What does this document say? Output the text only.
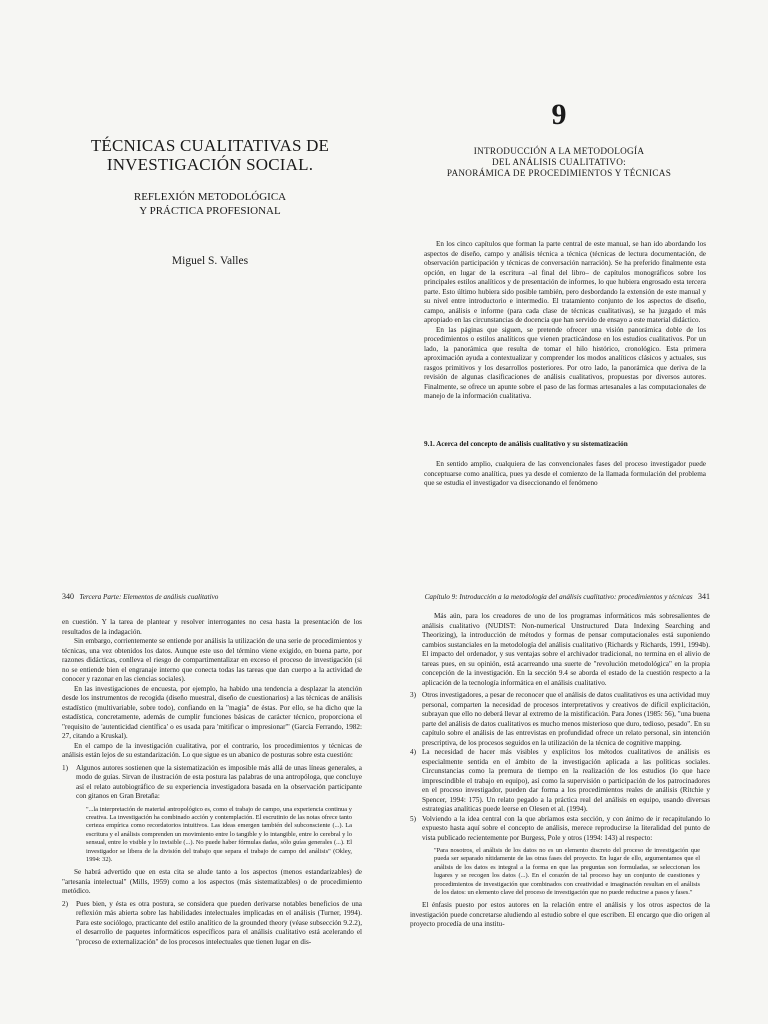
TÉCNICAS CUALITATIVAS DE INVESTIGACIÓN SOCIAL.
REFLEXIÓN METODOLÓGICA
Y PRÁCTICA PROFESIONAL
Miguel S. Valles
9
INTRODUCCIÓN A LA METODOLOGÍA
DEL ANÁLISIS CUALITATIVO:
PANORÁMICA DE PROCEDIMIENTOS Y TÉCNICAS

En los cinco capítulos que forman la parte central de este manual, se han ido abordando los aspectos de diseño, campo y análisis técnica a técnica (técnicas de lectura documentación, de observación participación y técnicas de conversación narración). Se ha preferido finalmente esta opción, en lugar de la escritura –al final del libro– de capítulos monográficos sobre los principales estilos analíticos y de presentación de informes, lo que hubiera engrosado esta tercera parte. Esto último hubiera sido posible también, pero desbordando la extensión de este manual y su nivel entre introductorio e intermedio. El tratamiento conjunto de los aspectos de diseño, campo, análisis e informe (para cada clase de técnicas cualitativas), se ha juzgado el más apropiado en las circunstancias de docencia que han servido de ensayo a este material didáctico.

En las páginas que siguen, se pretende ofrecer una visión panorámica doble de los procedimientos o estilos analíticos que vienen practicándose en los estudios cualitativos. Por un lado, la panorámica que resulta de tomar el hilo histórico, cronológico. Esta primera aproximación ayuda a contextualizar y comprender los modos analíticos clásicos y actuales, sus rasgos primitivos y los desarrollos posteriores. Por otro lado, la panorámica que deriva de la revisión de algunas clasificaciones de análisis cualitativos, propuestas por diversos autores. Finalmente, se ofrece un apunte sobre el paso de las formas artesanales a las computacionales de manejo de la información cualitativa.

9.1. Acerca del concepto de análisis cualitativo y su sistematización

En sentido amplio, cualquiera de las convencionales fases del proceso investigador puede conceptuarse como analítica, pues ya desde el comienzo de la llamada formulación del problema que se estudia el investigador va diseccionando el fenómeno

340 Tercera Parte: Elementos de análisis cualitativo

en cuestión. Y la tarea de plantear y resolver interrogantes no cesa hasta la presentación de los resultados de la indagación.

Sin embargo, corrientemente se entiende por análisis la utilización de una serie de procedimientos y técnicas, una vez obtenidos los datos. Aunque este uso del término viene exigido, en buena parte, por razones didácticas, conlleva el riesgo de compartimentalizar en exceso el proceso de investigación (si no se entiende bien el engranaje interno que conecta todas las tareas que dan cuerpo a la actividad de conocer y razonar en las ciencias sociales).

En las investigaciones de encuesta, por ejemplo, ha habido una tendencia a desplazar la atención desde los instrumentos de recogida (diseño muestral, diseño de cuestionarios) a las técnicas de análisis estadístico (multivariable, sobre todo), confiando en la "magia" de éstas. Por ello, se ha dicho que la estadística, concretamente, además de cumplir funciones básicas de carácter técnico, proporciona el "requisito de 'autenticidad científica' o es usada para 'mitificar o impresionar'" (García Ferrando, 1982: 27, citando a Kruskal).

En el campo de la investigación cualitativa, por el contrario, los procedimientos y técnicas de análisis están lejos de su estandarización. Lo que sigue es un abanico de posturas sobre esta cuestión:

1) Algunos autores sostienen que la sistematización es imposible más allá de unas líneas generales, a modo de guías. Sirvan de ilustración de esta postura las palabras de una antropóloga, que concluye así el relato autobiográfico de su experiencia investigadora basada en la observación participante con gitanos en Gran Bretaña:
"...la interpretación de material antropológico es, como el trabajo de campo, una experiencia continua y creativa. La investigación ha combinado acción y contemplación. El escrutinio de las notas ofrece tanto certeza empírica como recordatorios intuitivos. Las ideas emergen también del subconsciente (...). La escritura y el análisis comprenden un movimiento entre lo tangible y lo intangible, entre lo cerebral y lo sensual, entre lo visible y lo invisible (...). No puede haber fórmulas dadas, sólo guías generales (...). El investigador se libera de la división del trabajo que separa el trabajo de campo del análisis" (Okley, 1994: 32).

Se habrá advertido que en esta cita se alude tanto a los aspectos (menos estandarizables) de "artesanía intelectual" (Mills, 1959) como a los aspectos (más sistematizables) o de procedimiento metódico.

2) Pues bien, y ésta es otra postura, se considera que pueden derivarse notables beneficios de una reflexión más abierta sobre las habilidades intelectuales implicadas en el análisis (Turner, 1994). Para este sociólogo, practicante del estilo analítico de la grounded theory (véase subsección 9.2.2), el desarrollo de paquetes informáticos específicos para el análisis cualitativo está acelerando el "proceso de externalización" de los procesos intelectuales que tienen lugar en dis-
Capítulo 9: Introducción a la metodología del análisis cualitativo: procedimientos y técnicas 341

Más aún, para los creadores de uno de los programas informáticos más sobresalientes de análisis cualitativo (NUDIST: Non-numerical Unstructured Data Indexing Searching and Theorizing), la introducción de métodos y formas de pensar computacionales está suponiendo cambios sustanciales en la metodología del análisis cualitativo (Richards y Richards, 1991, 1994b). El impacto del ordenador, y sus ventajas sobre el archivador tradicional, no termina en el alivio de tareas pues, en su opinión, está acarreando una suerte de "revolución metodológica" en la propia concepción de la investigación. En la sección 9.4 se aborda el estado de la cuestión respecto a la aplicación de la tecnología informática en el análisis cualitativo.

3) Otros investigadores, a pesar de reconocer que el análisis de datos cualitativos es una actividad muy personal, comparten la necesidad de procesos interpretativos y creativos de difícil explicitación, subrayan que ello no deberá llevar al extremo de la mistificación. Para Jones (1985: 56), "una buena parte del análisis de datos cualitativos es mucho menos misterioso que duro, tedioso, pesado". En su capítulo sobre el análisis de las entrevistas en profundidad ofrece un relato personal, sin intención prescriptiva, de los procesos seguidos en la utilización de la técnica de cognitive mapping.
4) La necesidad de hacer más visibles y explícitos los métodos cualitativos de análisis es especialmente sentida en el ámbito de la investigación aplicada a las políticas sociales. Circunstancias como la premura de tiempo en la realización de los estudios (lo que hace imprescindible el trabajo en equipo), así como la supervisión o participación de los patrocinadores en el proceso investigador, pueden dar forma a los procedimientos reales de análisis (Ritchie y Spencer, 1994: 175). Un relato pegado a la práctica real del análisis en equipo, usando diversas estrategias analíticas puede leerse en Olesen et al. (1994).
5) Volviendo a la idea central con la que abríamos esta sección, y con ánimo de ir recapitulando lo expuesto hasta aquí sobre el concepto de análisis, merece reproducirse la literalidad del punto de vista publicado recientemente por Burgess, Pole y otros (1994: 143) al respecto:
"Para nosotros, el análisis de los datos no es un elemento discreto del proceso de investigación que pueda ser separado nítidamente de las otras fases del proyecto. En lugar de ello, argumentamos que el análisis de los datos es integral a la forma en que las preguntas son formuladas, se seleccionan los lugares y se recogen los datos (...). En el corazón de tal proceso hay un conjunto de cuestiones y procedimientos de investigación que combinados con creatividad e imaginación resultan en el análisis de los datos: un elemento clave del proceso de investigación que no puede reducirse a pasos y fases."

El énfasis puesto por estos autores en la relación entre el análisis y los otros aspectos de la investigación puede concretarse aludiendo al estudio sobre el que escriben. El encargo que dio origen al proyecto procedía de una institu-
